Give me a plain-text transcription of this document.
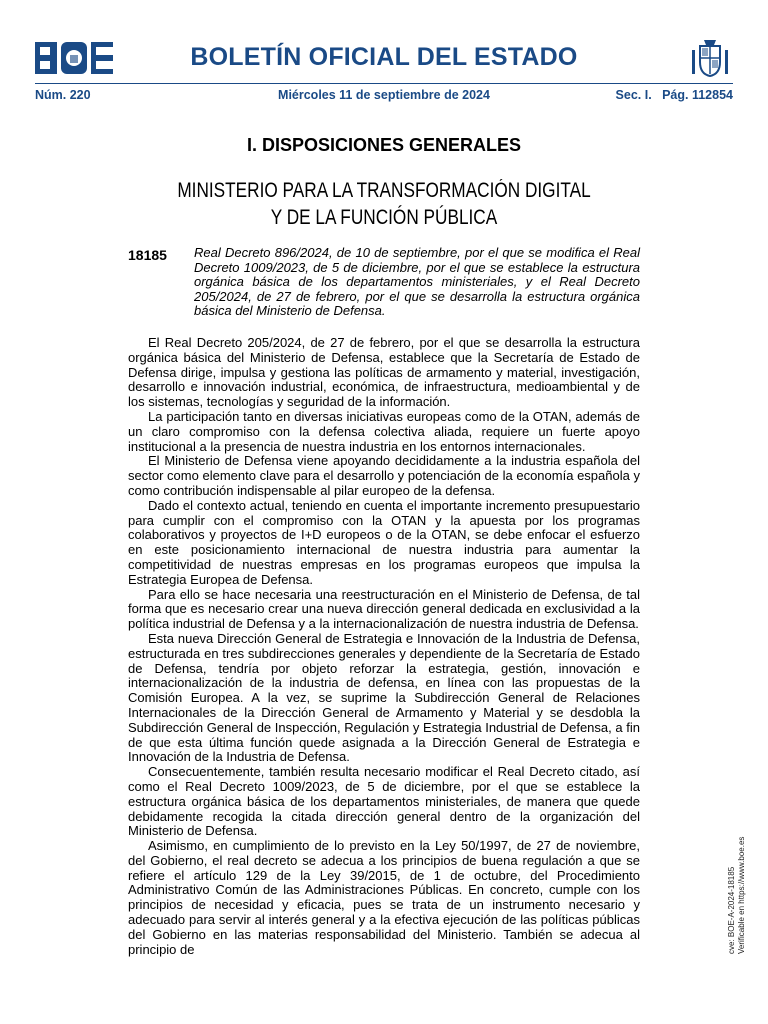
BOLETÍN OFICIAL DEL ESTADO
Núm. 220	Miércoles 11 de septiembre de 2024	Sec. I.   Pág. 112854
I. DISPOSICIONES GENERALES
MINISTERIO PARA LA TRANSFORMACIÓN DIGITAL
Y DE LA FUNCIÓN PÚBLICA
18185 Real Decreto 896/2024, de 10 de septiembre, por el que se modifica el Real Decreto 1009/2023, de 5 de diciembre, por el que se establece la estructura orgánica básica de los departamentos ministeriales, y el Real Decreto 205/2024, de 27 de febrero, por el que se desarrolla la estructura orgánica básica del Ministerio de Defensa.

El Real Decreto 205/2024, de 27 de febrero, por el que se desarrolla la estructura orgánica básica del Ministerio de Defensa, establece que la Secretaría de Estado de Defensa dirige, impulsa y gestiona las políticas de armamento y material, investigación, desarrollo e innovación industrial, económica, de infraestructura, medioambiental y de los sistemas, tecnologías y seguridad de la información.

La participación tanto en diversas iniciativas europeas como de la OTAN, además de un claro compromiso con la defensa colectiva aliada, requiere un fuerte apoyo institucional a la presencia de nuestra industria en los entornos internacionales.

El Ministerio de Defensa viene apoyando decididamente a la industria española del sector como elemento clave para el desarrollo y potenciación de la economía española y como contribución indispensable al pilar europeo de la defensa.

Dado el contexto actual, teniendo en cuenta el importante incremento presupuestario para cumplir con el compromiso con la OTAN y la apuesta por los programas colaborativos y proyectos de I+D europeos o de la OTAN, se debe enfocar el esfuerzo en este posicionamiento internacional de nuestra industria para aumentar la competitividad de nuestras empresas en los programas europeos que impulsa la Estrategia Europea de Defensa.

Para ello se hace necesaria una reestructuración en el Ministerio de Defensa, de tal forma que es necesario crear una nueva dirección general dedicada en exclusividad a la política industrial de Defensa y a la internacionalización de nuestra industria de Defensa.

Esta nueva Dirección General de Estrategia e Innovación de la Industria de Defensa, estructurada en tres subdirecciones generales y dependiente de la Secretaría de Estado de Defensa, tendría por objeto reforzar la estrategia, gestión, innovación e internacionalización de la industria de defensa, en línea con las propuestas de la Comisión Europea. A la vez, se suprime la Subdirección General de Relaciones Internacionales de la Dirección General de Armamento y Material y se desdobla la Subdirección General de Inspección, Regulación y Estrategia Industrial de Defensa, a fin de que esta última función quede asignada a la Dirección General de Estrategia e Innovación de la Industria de Defensa.

Consecuentemente, también resulta necesario modificar el Real Decreto citado, así como el Real Decreto 1009/2023, de 5 de diciembre, por el que se establece la estructura orgánica básica de los departamentos ministeriales, de manera que quede debidamente recogida la citada dirección general dentro de la organización del Ministerio de Defensa.

Asimismo, en cumplimiento de lo previsto en la Ley 50/1997, de 27 de noviembre, del Gobierno, el real decreto se adecua a los principios de buena regulación a que se refiere el artículo 129 de la Ley 39/2015, de 1 de octubre, del Procedimiento Administrativo Común de las Administraciones Públicas. En concreto, cumple con los principios de necesidad y eficacia, pues se trata de un instrumento necesario y adecuado para servir al interés general y a la efectiva ejecución de las políticas públicas del Gobierno en las materias responsabilidad del Ministerio. También se adecua al principio de	cve: BOE-A-2024-18185 Verificable en https://www.boe.es
